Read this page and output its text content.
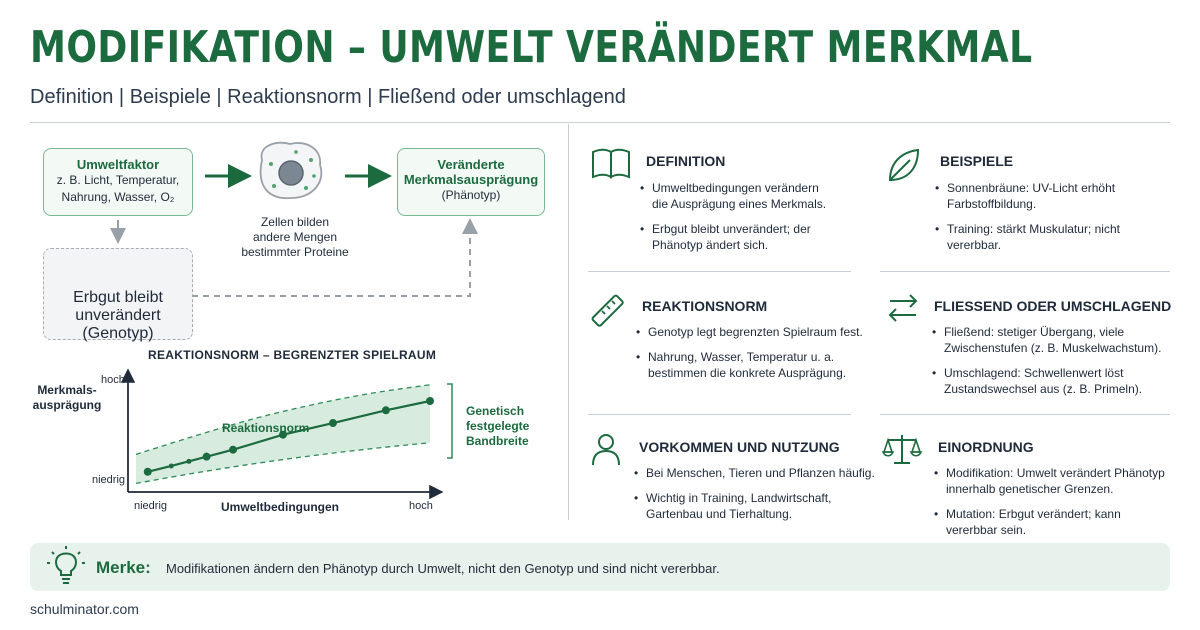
MODIFIKATION – UMWELT VERÄNDERT MERKMAL
Definition | Beispiele | Reaktionsnorm | Fließend oder umschlagend
Umweltfaktor
z. B. Licht, Temperatur,
Nahrung, Wasser, O₂
Zellen bilden
andere Mengen
bestimmter Proteine
Veränderte
Merkmalsausprägung
(Phänotyp)
Erbgut bleibt
unverändert
(Genotyp)
REAKTIONSNORM – BEGRENZTER SPIELRAUM
Merkmals-
ausprägung
hoch
niedrig
niedrig	hoch
Umweltbedingungen
Genetisch
festgelegte
Bandbreite
Reaktionsnorm
DEFINITION
• Umweltbedingungen verändern die Ausprägung eines Merkmals.
• Erbgut bleibt unverändert; der Phänotyp ändert sich.
BEISPIELE
• Sonnenbräune: UV-Licht erhöht Farbstoffbildung.
• Training: stärkt Muskulatur; nicht vererbbar.
REAKTIONSNORM
• Genotyp legt begrenzten Spielraum fest.
• Nahrung, Wasser, Temperatur u. a. bestimmen die konkrete Ausprägung.
FLIESSEND ODER UMSCHLAGEND
• Fließend: stetiger Übergang, viele Zwischenstufen (z. B. Muskelwachstum).
• Umschlagend: Schwellenwert löst Zustandswechsel aus (z. B. Primeln).
VORKOMMEN UND NUTZUNG
• Bei Menschen, Tieren und Pflanzen häufig.
• Wichtig in Training, Landwirtschaft, Gartenbau und Tierhaltung.
EINORDNUNG
• Modifikation: Umwelt verändert Phänotyp innerhalb genetischer Grenzen.
• Mutation: Erbgut verändert; kann vererbbar sein.
Merke: Modifikationen ändern den Phänotyp durch Umwelt, nicht den Genotyp und sind nicht vererbbar.
schulminator.com
